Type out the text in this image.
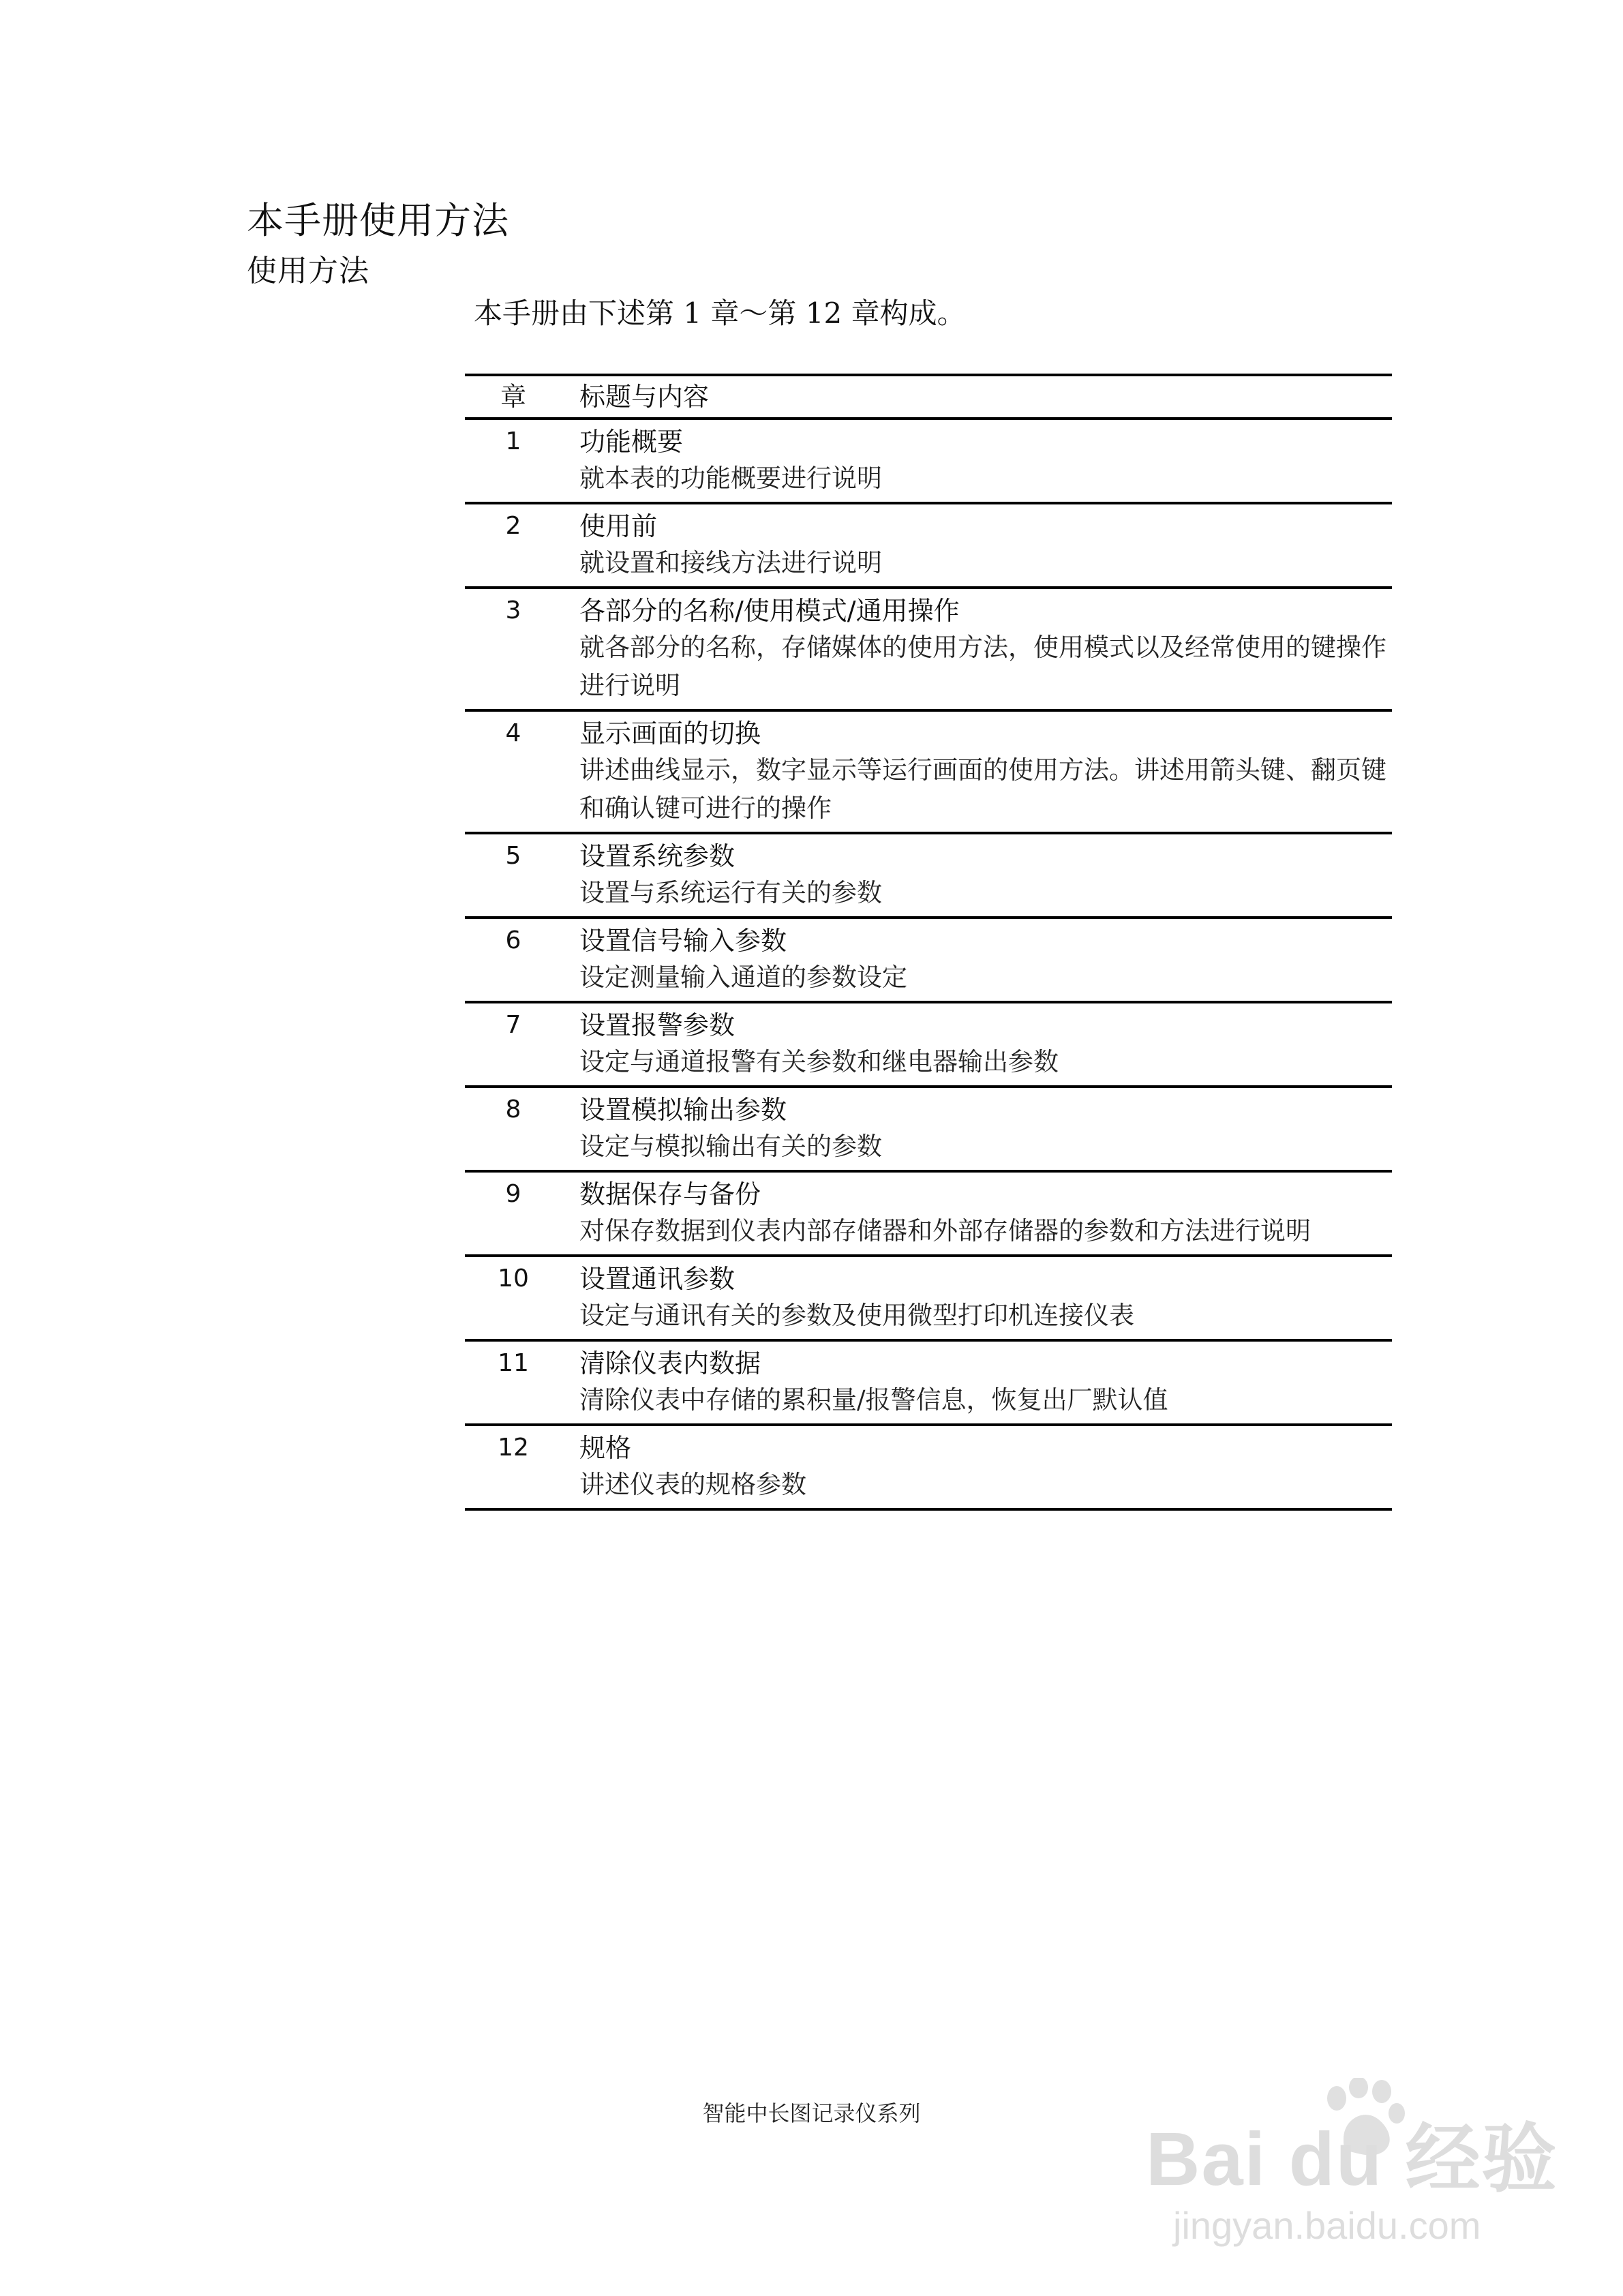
本手册使用方法
使用方法

本手册由下述第 1 章～第 12 章构成。

章	标题与内容
1	功能概要
就本表的功能概要进行说明

2	使用前
就设置和接线方法进行说明

3	各部分的名称/使用模式/通用操作
就各部分的名称，存储媒体的使用方法，使用模式以及经常使用的键操作进行说明

4	显示画面的切换
讲述曲线显示，数字显示等运行画面的使用方法。讲述用箭头键、翻页键和确认键可进行的操作

5	设置系统参数
设置与系统运行有关的参数

6	设置信号输入参数
设定测量输入通道的参数设定

7	设置报警参数
设定与通道报警有关参数和继电器输出参数

8	设置模拟输出参数
设定与模拟输出有关的参数

9	数据保存与备份
对保存数据到仪表内部存储器和外部存储器的参数和方法进行说明

10	设置通讯参数
设定与通讯有关的参数及使用微型打印机连接仪表

11	清除仪表内数据
清除仪表中存储的累积量/报警信息，恢复出厂默认值

12	规格
讲述仪表的规格参数
智能中长图记录仪系列
Bai du 经验
jingyan.baidu.com
